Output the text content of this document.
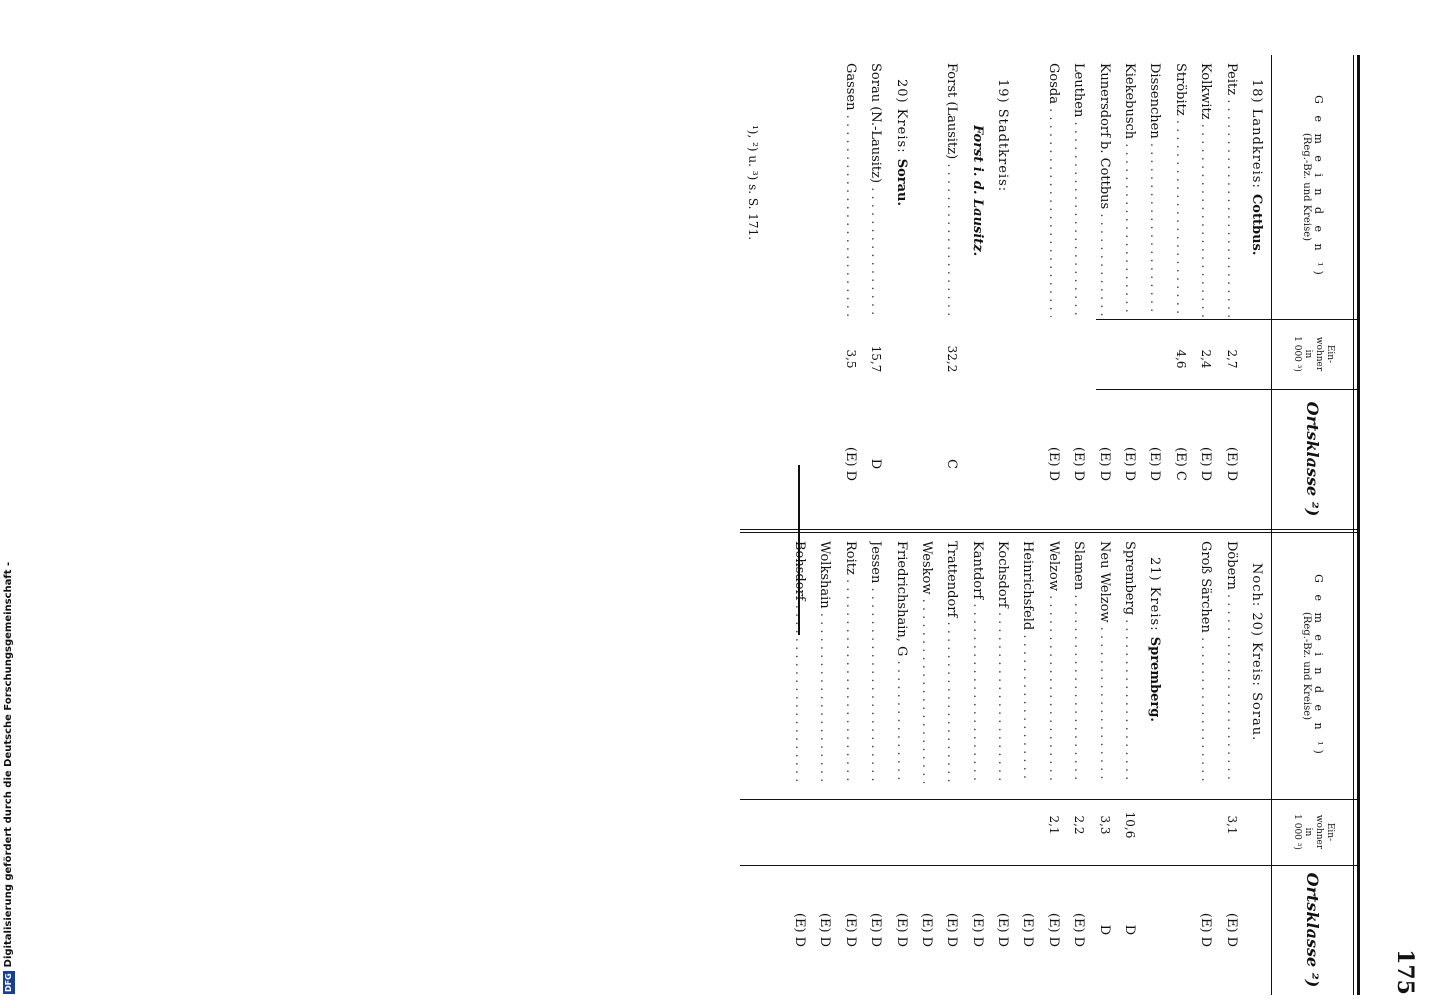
DFG
Digitalisierung gefördert durch die Deutsche Forschungsgemeinschaft -
175
G e m e i n d e n ¹)
(Reg.-Bz. und Kreise)
Ein-
wohner
in
1 000 ³)
Ortsklasse ²)
G e m e i n d e n ¹)
(Reg.-Bz. und Kreise)
Ein-
wohner
in
1 000 ³)
Ortsklasse ²)
18) Landkreis: Cottbus.
Peitz . . .
2,7
(E) D
Kolkwitz . . .
2,4
(E) D
Ströbitz . . .
4,6
(E) C
Dissenchen . . .
(E) D
Kiekebusch . . .
(E) D
Kunersdorf b. Cottbus . . .
(E) D
Leuthen . . .
(E) D
Gosda . . .
(E) D
19) Stadtkreis:
Forst i. d. Lausitz.
Forst (Lausitz) . . .
32,2
C
20) Kreis: Sorau.
Sorau (N.-Lausitz) . . .
15,7
D
Gassen . . .
3,5
(E) D
Noch: 20) Kreis: Sorau.
Döbern . . .
3,1
(E) D
Groß Särchen . . .
(E) D
21) Kreis: Spremberg.
Spremberg . . .
10,6
D
Neu Welzow . . .
3,3
D
Slamen . . .
2,2
(E) D
Welzow . . .
2,1
(E) D
Heinrichsfeld . . .
(E) D
Kochsdorf . . .
(E) D
Kantdorf . . .
(E) D
Trattendorf . . .
(E) D
Weskow . . .
(E) D
Friedrichshain, G . . .
(E) D
Jessen . . .
(E) D
Roitz . . .
(E) D
Wolkshain . . .
(E) D
Bohsdorf . . .
(E) D
¹), ²) u. ³) s. S. 171.
